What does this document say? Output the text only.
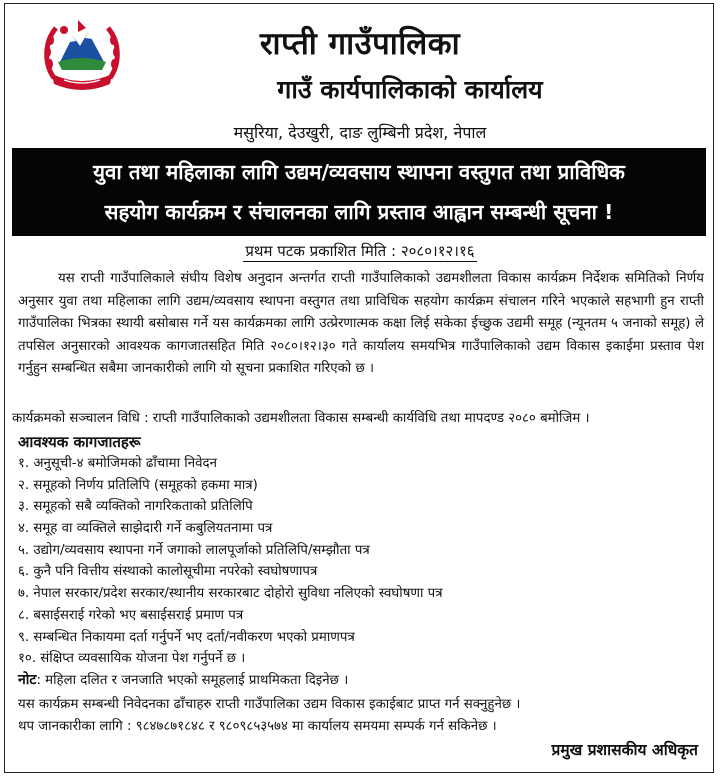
राप्ती गाउँपालिका
गाउँ कार्यपालिकाको कार्यालय
मसुरिया, देउखुरी, दाङ लुम्बिनी प्रदेश, नेपाल
युवा तथा महिलाका लागि उद्यम/व्यवसाय स्थापना वस्तुगत तथा प्राविधिक
सहयोग कार्यक्रम र संचालनका लागि प्रस्ताव आह्वान सम्बन्धी सूचना !
प्रथम पटक प्रकाशित मिति : २०८०।१२।१६
यस राप्ती गाउँपालिकाले संघीय विशेष अनुदान अन्तर्गत राप्ती गाउँपालिकाको उद्यमशीलता विकास कार्यक्रम निर्देशक समितिको निर्णय अनुसार युवा तथा महिलाका लागि उद्यम/व्यवसाय स्थापना वस्तुगत तथा प्राविधिक सहयोग कार्यक्रम संचालन गरिने भएकाले सहभागी हुन राप्ती गाउँपालिका भित्रका स्थायी बसोबास गर्ने यस कार्यक्रमका लागि उत्प्रेरणात्मक कक्षा लिई सकेका ईच्छुक उद्यमी समूह (न्यूनतम ५ जनाको समूह) ले तपसिल अनुसारको आवश्यक कागजातसहित मिति २०८०।१२।३० गते कार्यालय समयभित्र गाउँपालिकाको उद्यम विकास इकाईमा प्रस्ताव पेश गर्नुहुन सम्बन्धित सबैमा जानकारीको लागि यो सूचना प्रकाशित गरिएको छ ।
कार्यक्रमको सञ्चालन विधि : राप्ती गाउँपालिकाको उद्यमशीलता विकास सम्बन्धी कार्यविधि तथा मापदण्ड २०८० बमोजिम ।
आवश्यक कागजातहरू
१. अनुसूची-४ बमोजिमको ढाँचामा निवेदन
२. समूहको निर्णय प्रतिलिपि (समूहको हकमा मात्र)
३. समूहको सबै व्यक्तिको नागरिकताको प्रतिलिपि
४. समूह वा व्यक्तिले साझेदारी गर्ने कबुलियतनामा पत्र
५. उद्योग/व्यवसाय स्थापना गर्ने जगाको लालपूर्जाको प्रतिलिपि/सम्झौता पत्र
६. कुनै पनि वित्तीय संस्थाको कालोसूचीमा नपरेको स्वघोषणापत्र
७. नेपाल सरकार/प्रदेश सरकार/स्थानीय सरकारबाट दोहोरो सुविधा नलिएको स्वघोषणा पत्र
८. बसाईसराई गरेको भए बसाईसराई प्रमाण पत्र
९. सम्बन्धित निकायमा दर्ता गर्नुपर्ने भए दर्ता/नवीकरण भएको प्रमाणपत्र
१०. संक्षिप्त व्यवसायिक योजना पेश गर्नुपर्ने छ ।
नोट: महिला दलित र जनजाति भएको समूहलाई प्राथमिकता दिइनेछ ।
यस कार्यक्रम सम्बन्धी निवेदनका ढाँचाहरु राप्ती गाउँपालिका उद्यम विकास इकाईबाट प्राप्त गर्न सक्नुहुनेछ ।
थप जानकारीका लागि : ९८४७८७१८४८ र ९८०९८५३५७४ मा कार्यालय समयमा सम्पर्क गर्न सकिनेछ ।
प्रमुख प्रशासकीय अधिकृत
